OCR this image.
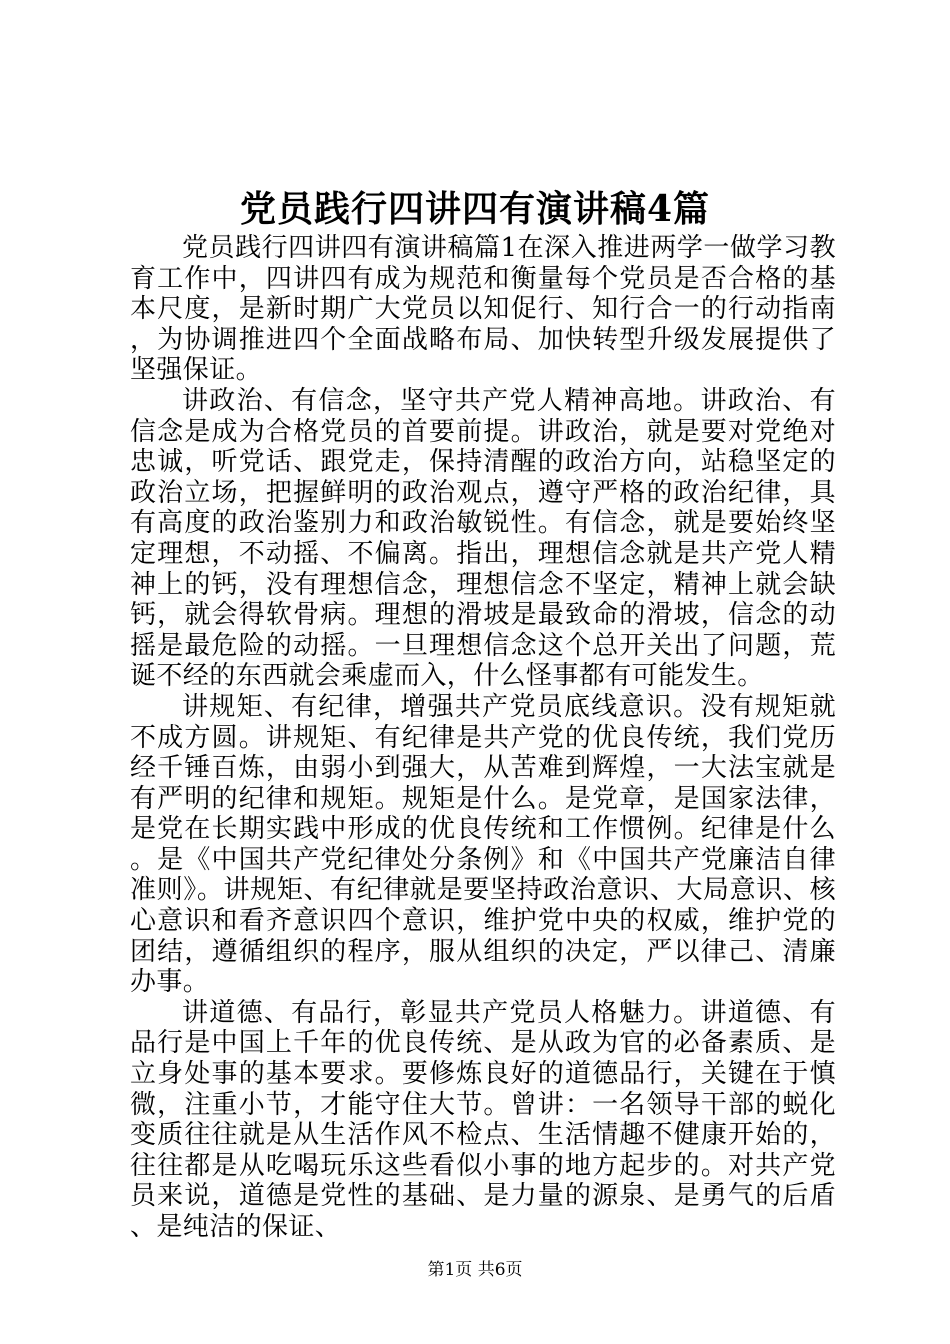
党员践行四讲四有演讲稿4篇

党员践行四讲四有演讲稿篇1在深入推进两学一做学习教育工作中，四讲四有成为规范和衡量每个党员是否合格的基本尺度，是新时期广大党员以知促行、知行合一的行动指南，为协调推进四个全面战略布局、加快转型升级发展提供了坚强保证。

讲政治、有信念，坚守共产党人精神高地。讲政治、有信念是成为合格党员的首要前提。讲政治，就是要对党绝对忠诚，听党话、跟党走，保持清醒的政治方向，站稳坚定的政治立场，把握鲜明的政治观点，遵守严格的政治纪律，具有高度的政治鉴别力和政治敏锐性。有信念，就是要始终坚定理想，不动摇、不偏离。指出，理想信念就是共产党人精神上的钙，没有理想信念，理想信念不坚定，精神上就会缺钙，就会得软骨病。理想的滑坡是最致命的滑坡，信念的动摇是最危险的动摇。一旦理想信念这个总开关出了问题，荒诞不经的东西就会乘虚而入，什么怪事都有可能发生。

讲规矩、有纪律，增强共产党员底线意识。没有规矩就不成方圆。讲规矩、有纪律是共产党的优良传统，我们党历经千锤百炼，由弱小到强大，从苦难到辉煌，一大法宝就是有严明的纪律和规矩。规矩是什么。是党章，是国家法律，是党在长期实践中形成的优良传统和工作惯例。纪律是什么。是《中国共产党纪律处分条例》和《中国共产党廉洁自律准则》。讲规矩、有纪律就是要坚持政治意识、大局意识、核心意识和看齐意识四个意识，维护党中央的权威，维护党的团结，遵循组织的程序，服从组织的决定，严以律己、清廉办事。

讲道德、有品行，彰显共产党员人格魅力。讲道德、有品行是中国上千年的优良传统、是从政为官的必备素质、是立身处事的基本要求。要修炼良好的道德品行，关键在于慎微，注重小节，才能守住大节。曾讲：一名领导干部的蜕化变质往往就是从生活作风不检点、生活情趣不健康开始的，往往都是从吃喝玩乐这些看似小事的地方起步的。对共产党员来说，道德是党性的基础、是力量的源泉、是勇气的后盾、是纯洁的保证、

第1页 共6页
